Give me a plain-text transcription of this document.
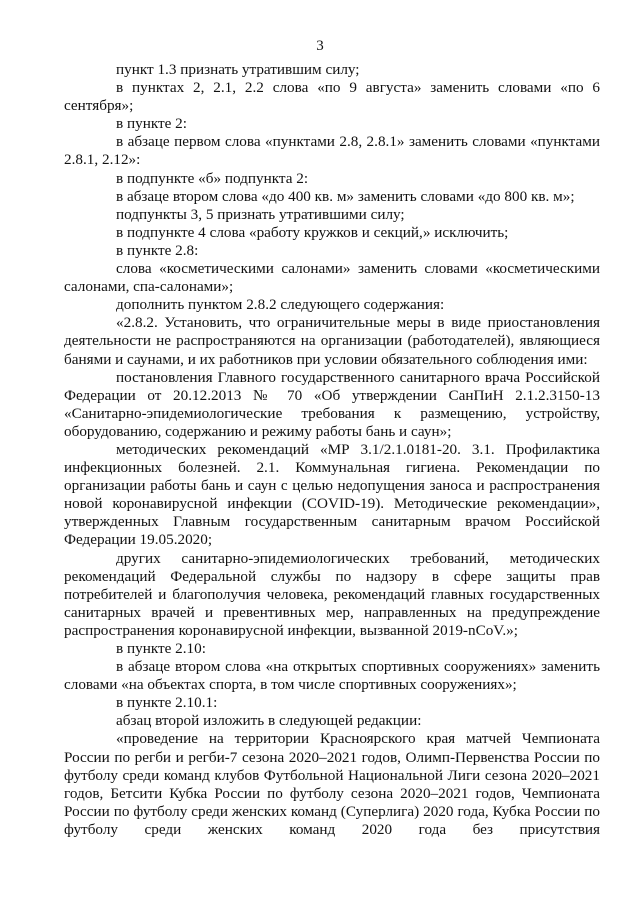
3

пункт 1.3 признать утратившим силу;

в пунктах 2, 2.1, 2.2 слова «по 9 августа» заменить словами «по 6 сентября»;

в пункте 2:

в абзаце первом слова «пунктами 2.8, 2.8.1» заменить словами «пунктами 2.8.1, 2.12»:

в подпункте «б» подпункта 2:

в абзаце втором слова «до 400 кв. м» заменить словами «до 800 кв. м»;

подпункты 3, 5 признать утратившими силу;

в подпункте 4 слова «работу кружков и секций,» исключить;

в пункте 2.8:

слова «косметическими салонами» заменить словами «косметическими салонами, спа-салонами»;

дополнить пунктом 2.8.2 следующего содержания:

«2.8.2. Установить, что ограничительные меры в виде приостановления деятельности не распространяются на организации (работодателей), являющиеся банями и саунами, и их работников при условии обязательного соблюдения ими:

постановления Главного государственного санитарного врача Российской Федерации от 20.12.2013 № 70 «Об утверждении СанПиН 2.1.2.3150-13 «Санитарно-эпидемиологические требования к размещению, устройству, оборудованию, содержанию и режиму работы бань и саун»;

методических рекомендаций «МР 3.1/2.1.0181-20. 3.1. Профилактика инфекционных болезней. 2.1. Коммунальная гигиена. Рекомендации по организации работы бань и саун с целью недопущения заноса и распространения новой коронавирусной инфекции (COVID-19). Методические рекомендации», утвержденных Главным государственным санитарным врачом Российской Федерации 19.05.2020;

других санитарно-эпидемиологических требований, методических рекомендаций Федеральной службы по надзору в сфере защиты прав потребителей и благополучия человека, рекомендаций главных государственных санитарных врачей и превентивных мер, направленных на предупреждение распространения коронавирусной инфекции, вызванной 2019-nCoV.»;

в пункте 2.10:

в абзаце втором слова «на открытых спортивных сооружениях» заменить словами «на объектах спорта, в том числе спортивных сооружениях»;

в пункте 2.10.1:

абзац второй изложить в следующей редакции:

«проведение на территории Красноярского края матчей Чемпионата России по регби и регби-7 сезона 2020–2021 годов, Олимп-Первенства России по футболу среди команд клубов Футбольной Национальной Лиги сезона 2020–2021 годов, Бетсити Кубка России по футболу сезона 2020–2021 годов, Чемпионата России по футболу среди женских команд (Суперлига) 2020 года, Кубка России по футболу среди женских команд 2020 года без присутствия
